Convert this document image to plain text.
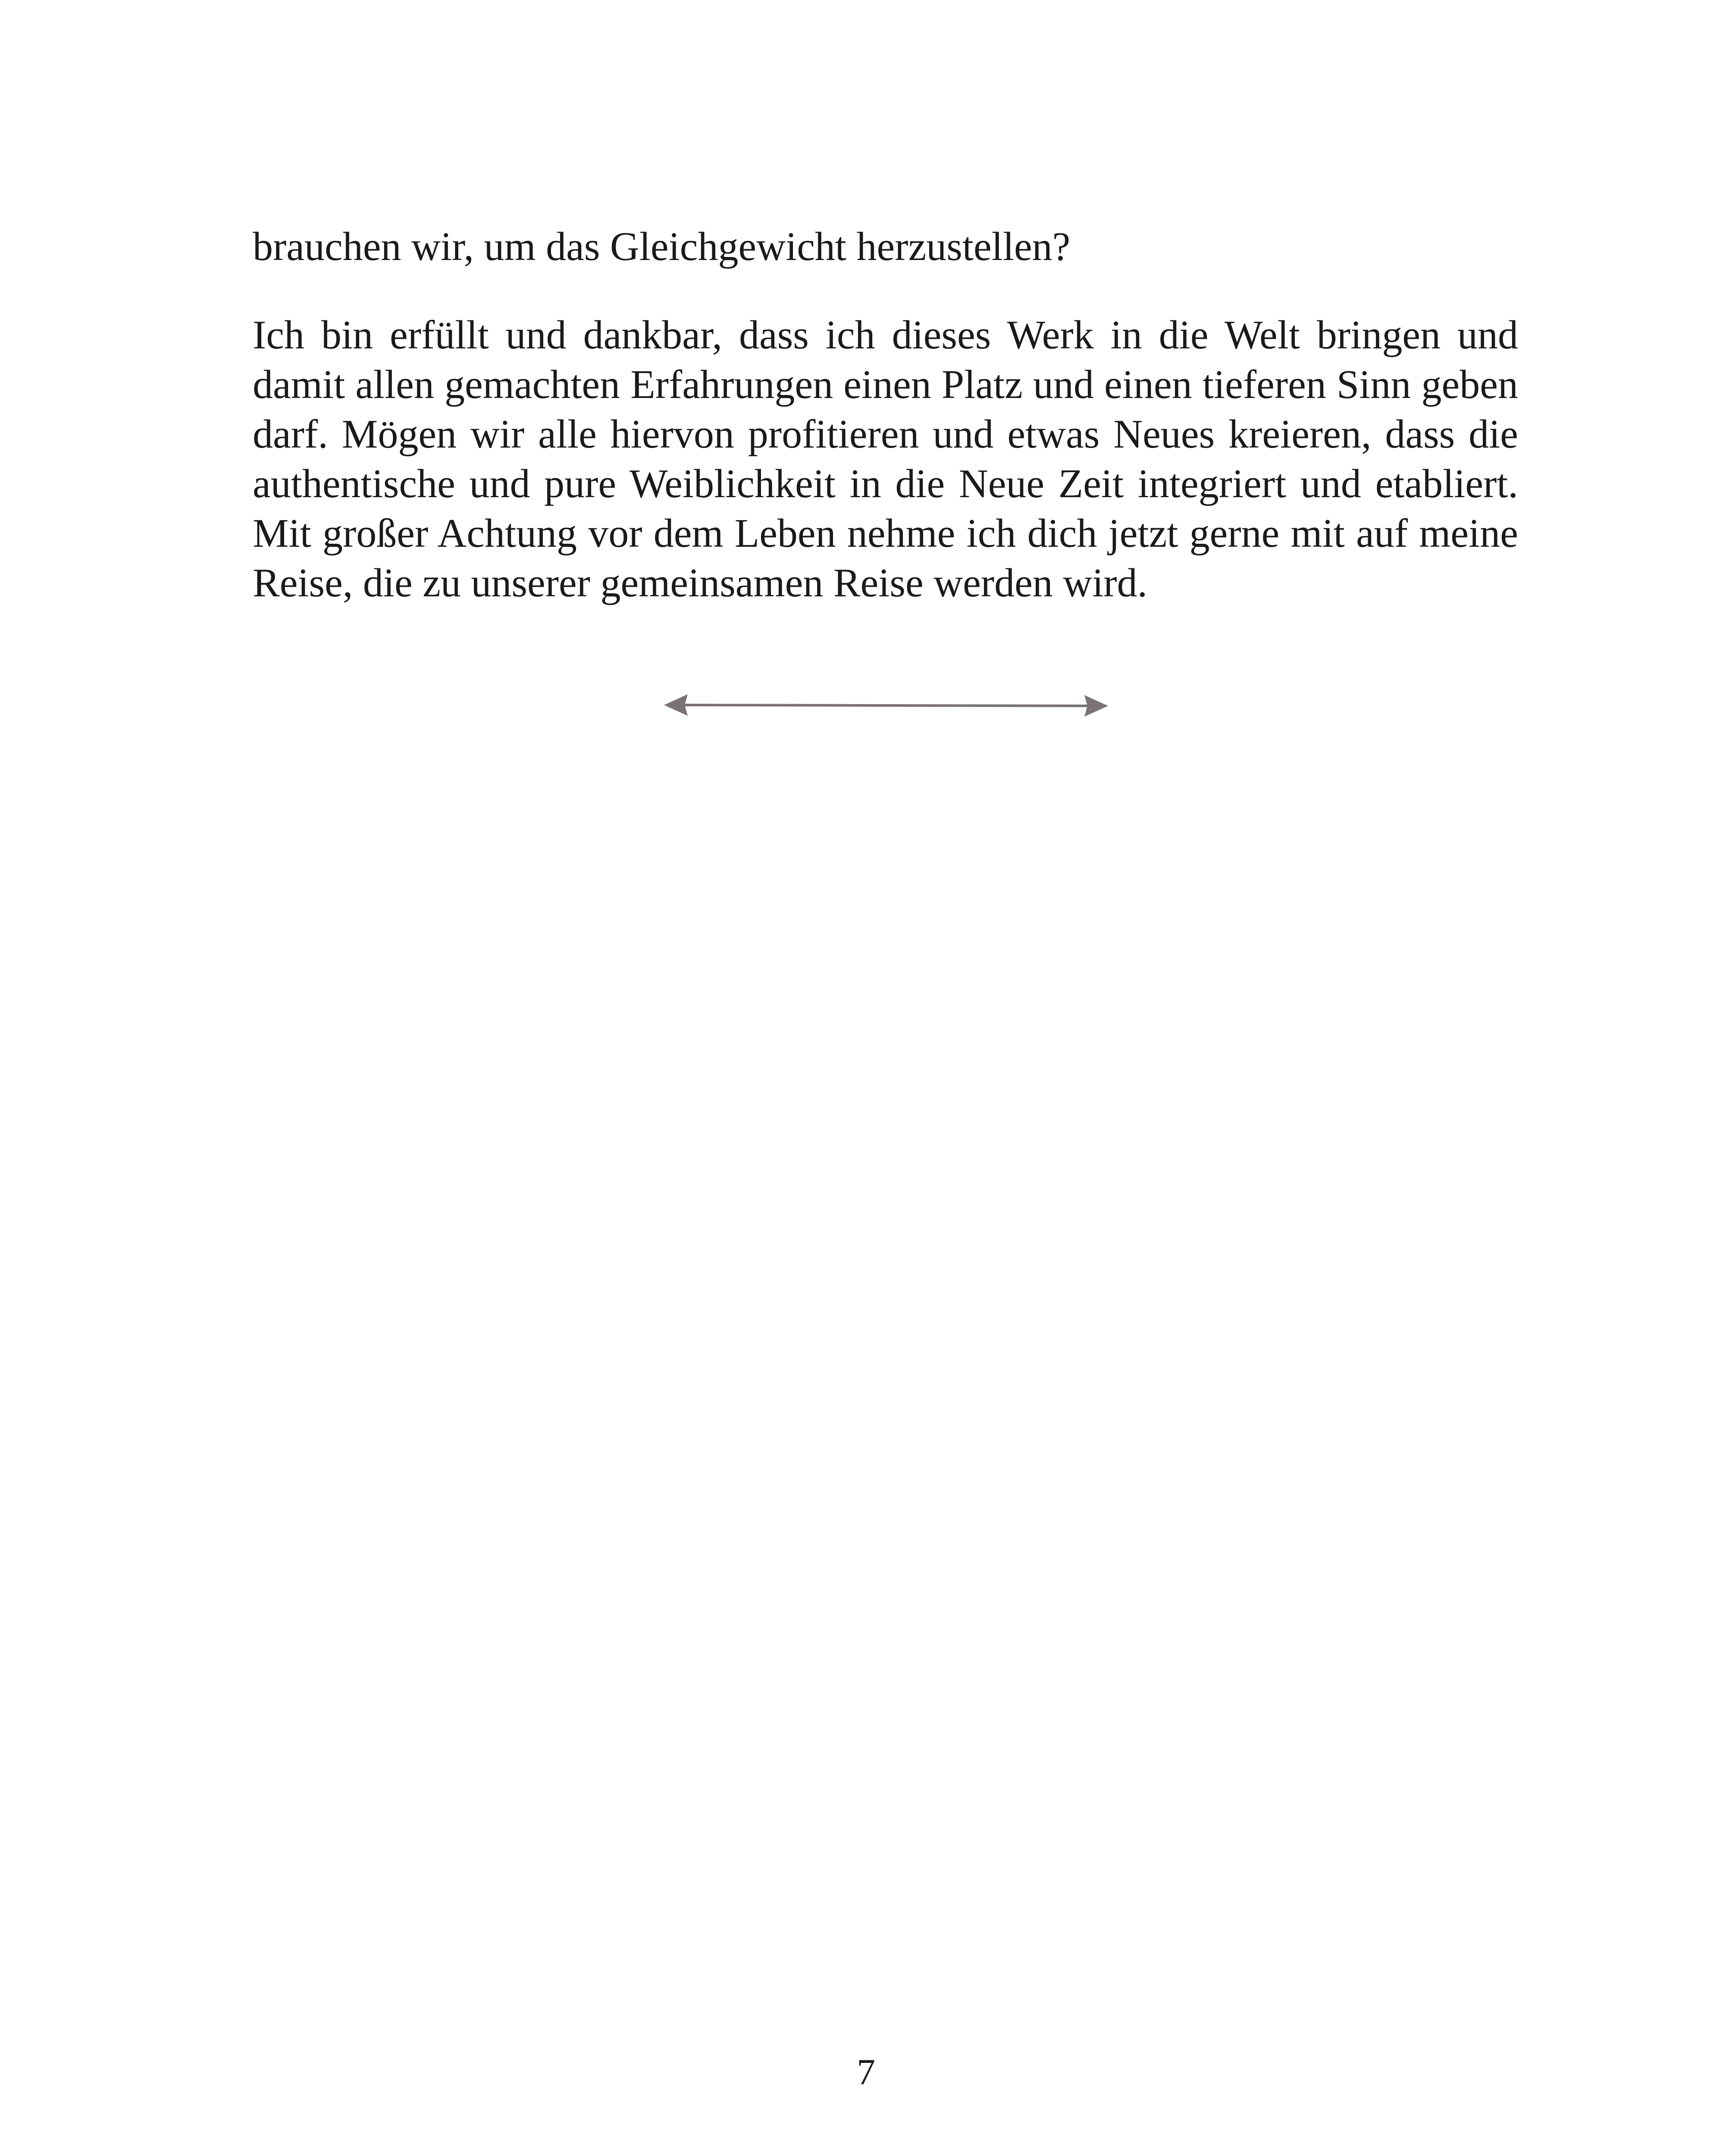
brauchen wir, um das Gleichgewicht herzustellen?

Ich bin erfüllt und dankbar, dass ich dieses Werk in die Welt bringen und damit allen gemachten Erfahrungen einen Platz und einen tieferen Sinn geben darf. Mögen wir alle hiervon profitieren und etwas Neues kreieren, dass die authentische und pure Weiblichkeit in die Neue Zeit integriert und etabliert. Mit großer Achtung vor dem Leben nehme ich dich jetzt gerne mit auf meine Reise, die zu unserer gemeinsamen Reise werden wird.

7
